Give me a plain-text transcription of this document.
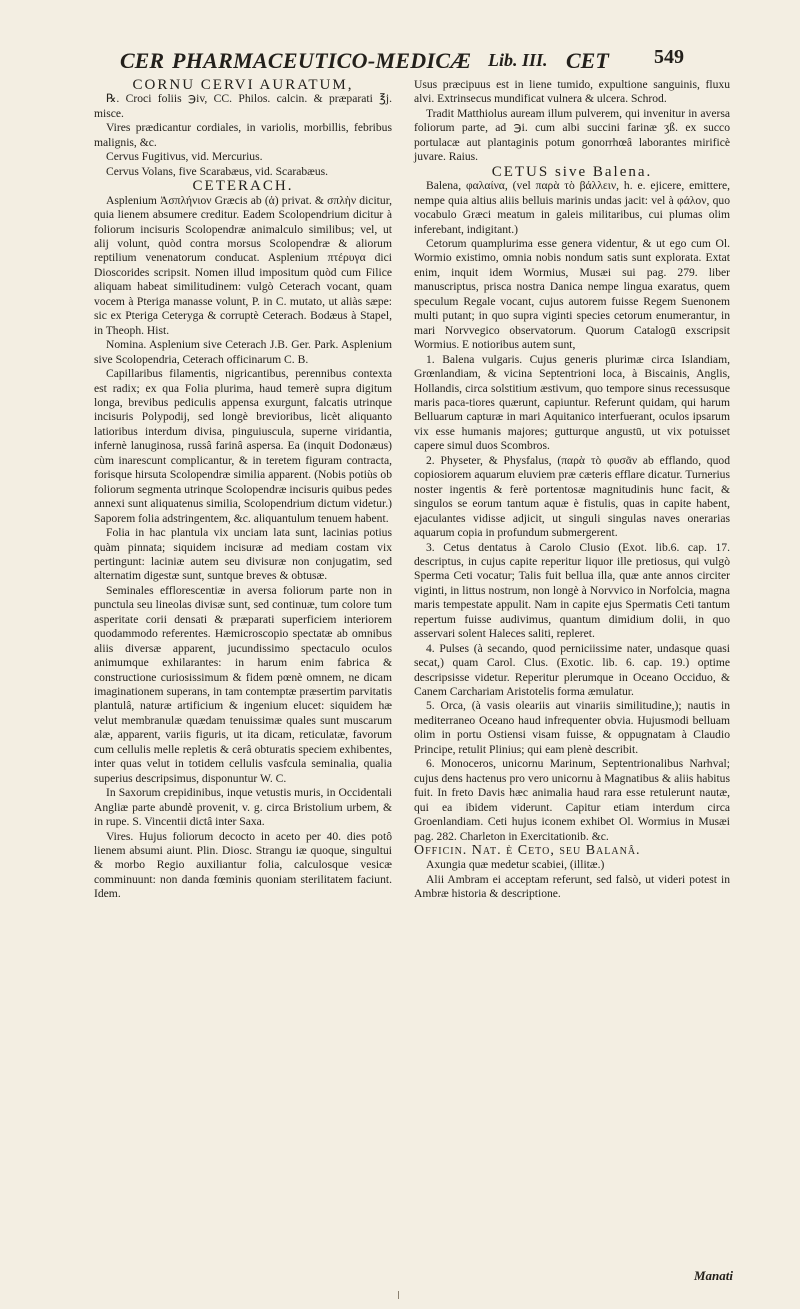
CER PHARMACEUTICO-MEDICÆ Lib. III. CET 549

CORNU CERVI AURATUM,

℞. Croci foliis ℈iv, CC. Philos. calcin. & præparati ℥j. misce.

Vires prædicantur cordiales, in variolis, morbillis, febribus malignis, &c.

Cervus Fugitivus, vid. Mercurius.

Cervus Volans, five Scarabæus, vid. Scarabæus.

CETERACH.

Asplenium Ἀσπλήνιον Græcis ab (ἀ) privat. & σπλὴν dicitur, quia lienem absumere creditur. Eadem Scolopendrium dicitur à foliorum incisuris Scolopendræ animalculo similibus; vel, ut alij volunt, quòd contra morsus Scolopendræ & aliorum reptilium venenatorum conducat. Asplenium πτέρυγα dici Dioscorides scripsit. Nomen illud impositum quòd cum Filice aliquam habeat similitudinem: vulgò Ceterach vocant, quam vocem à Pteriga manasse volunt, P. in C. mutato, ut aliàs sæpe: sic ex Pteriga Ceteryga & corruptè Ceterach. Bodæus à Stapel, in Theoph. Hist.

Nomina. Asplenium sive Ceterach J.B. Ger. Park. Asplenium sive Scolopendria, Ceterach officinarum C. B.

Capillaribus filamentis, nigricantibus, perennibus contexta est radix; ex qua Folia plurima, haud temerè supra digitum longa, brevibus pediculis appensa exurgunt, falcatis utrinque incisuris Polypodij, sed longè brevioribus, licèt aliquanto latioribus interdum divisa, pinguiuscula, superne viridantia, infernè lanuginosa, russâ farinâ aspersa. Ea (inquit Dodonæus) cùm inarescunt complicantur, & in teretem figuram contracta, forisque hirsuta Scolopendræ similia apparent. (Nobis potiùs ob foliorum segmenta utrinque Scolopendræ incisuris quibus pedes annexi sunt aliquatenus similia, Scolopendrium dictum videtur.) Saporem folia adstringentem, &c. aliquantulum tenuem habent.

Folia in hac plantula vix unciam lata sunt, lacinias potius quàm pinnata; siquidem incisuræ ad mediam costam vix pertingunt: laciniæ autem seu divisuræ non conjugatim, sed alternatim digestæ sunt, suntque breves & obtusæ.

Seminales efflorescentiæ in aversa foliorum parte non in punctula seu lineolas divisæ sunt, sed continuæ, tum colore tum asperitate corii densati & præparati superficiem interiorem quodammodo referentes. Hæmicroscopio spectatæ ab omnibus aliis diversæ apparent, jucundissimo spectaculo oculos animumque exhilarantes: in harum enim fabrica & constructione curiosissimum & fidem pœnè omnem, ne dicam imaginationem superans, in tam contemptæ præsertim parvitatis plantulâ, naturæ artificium & ingenium elucet: siquidem hæ velut membranulæ quædam tenuissimæ quales sunt muscarum alæ, apparent, variis figuris, ut ita dicam, reticulatæ, favorum cum cellulis melle repletis & cerâ obturatis speciem exhibentes, inter quas velut in totidem cellulis vasfcula seminalia, qualia superius descripsimus, disponuntur W. C.

In Saxorum crepidinibus, inque vetustis muris, in Occidentali Angliæ parte abundè provenit, v. g. circa Bristolium urbem, & in rupe. S. Vincentii dictâ inter Saxa.

Vires. Hujus foliorum decocto in aceto per 40. dies potô lienem absumi aiunt. Plin. Diosc. Strangu iæ quoque, singultui & morbo Regio auxiliantur folia, calculosque vesicæ comminuunt: non danda fœminis quoniam sterilitatem faciunt. Idem.

Usus præcipuus est in liene tumido, expultione sanguinis, fluxu alvi. Extrinsecus mundificat vulnera & ulcera. Schrod.

Tradit Matthiolus auream illum pulverem, qui invenitur in aversa foliorum parte, ad ℈i. cum albi succini farinæ ʒß. ex succo portulacæ aut plantaginis potum gonorrhœâ laborantes mirificè juvare. Raius.

CETUS sive Balena.

Balena, φαλαίνα, (vel παρὰ τὸ βάλλειν, h. e. ejicere, emittere, nempe quia altius aliis belluis marinis undas jacit: vel à φάλον, quo vocabulo Græci meatum in galeis militaribus, cui plumas olim inferebant, indigitant.)

Cetorum quamplurima esse genera videntur, & ut ego cum Ol. Wormio existimo, omnia nobis nondum satis sunt explorata. Extat enim, inquit idem Wormius, Musæi sui pag. 279. liber manuscriptus, prisca nostra Danica nempe lingua exaratus, quem speculum Regale vocant, cujus autorem fuisse Regem Suenonem multi putant; in quo supra viginti species cetorum enumerantur, in mari Norvvegico observatorum. Quorum Catalogū exscripsit Wormius. E notioribus autem sunt,

1. Balena vulgaris. Cujus generis plurimæ circa Islandiam, Grœnlandiam, & vicina Septentrioni loca, à Biscainis, Anglis, Hollandis, circa solstitium æstivum, quo tempore sinus recessusque maris paca-tiores quærunt, capiuntur. Referunt quidam, qui harum Belluarum capturæ in mari Aquitanico interfuerant, oculos ipsarum vix esse humanis majores; gutturque angustū, ut vix potuisset capere simul duos Scombros.

2. Physeter, & Physfalus, (παρὰ τὸ φυσᾶν ab efflando, quod copiosiorem aquarum eluviem præ cæteris efflare dicatur. Turnerius noster ingentis & ferè portentosæ magnitudinis hunc facit, & singulos se eorum tantum aquæ è fistulis, quas in capite habent, ejaculantes vidisse adjicit, ut singuli singulas naves onerarias aquarum copia in profundum submergerent.

3. Cetus dentatus à Carolo Clusio (Exot. lib.6. cap. 17. descriptus, in cujus capite reperitur liquor ille pretiosus, qui vulgò Sperma Ceti vocatur; Talis fuit bellua illa, quæ ante annos circiter viginti, in littus nostrum, non longè à Norvvico in Norfolcia, magna maris tempestate appulit. Nam in capite ejus Spermatis Ceti tantum repertum fuisse audivimus, quantum dimidium dolii, in quo asservari solent Haleces saliti, repleret.

4. Pulses (à secando, quod perniciissime nater, undasque quasi secat,) quam Carol. Clus. (Exotic. lib. 6. cap. 19.) optime descripsisse videtur. Reperitur plerumque in Oceano Occiduo, & Canem Carchariam Aristotelis forma æmulatur.

5. Orca, (à vasis oleariis aut vinariis similitudine,); nautis in mediterraneo Oceano haud infrequenter obvia. Hujusmodi belluam olim in portu Ostiensi visam fuisse, & oppugnatam à Claudio Principe, retulit Plinius; qui eam plenè describit.

6. Monoceros, unicornu Marinum, Septentrionalibus Narhval; cujus dens hactenus pro vero unicornu à Magnatibus & aliis habitus fuit. In freto Davis hæc animalia haud rara esse retulerunt nautæ, qui ea ibidem viderunt. Capitur etiam interdum circa Groenlandiam. Ceti hujus iconem exhibet Ol. Wormius in Musæi pag. 282. Charleton in Exercitationib. &c.

Officin. Nat. è Ceto, seu Balanâ.

Axungia quæ medetur scabiei, (illitæ.)

Alii Ambram ei acceptam referunt, sed falsò, ut videri potest in Ambræ historia & descriptione.

Manati
